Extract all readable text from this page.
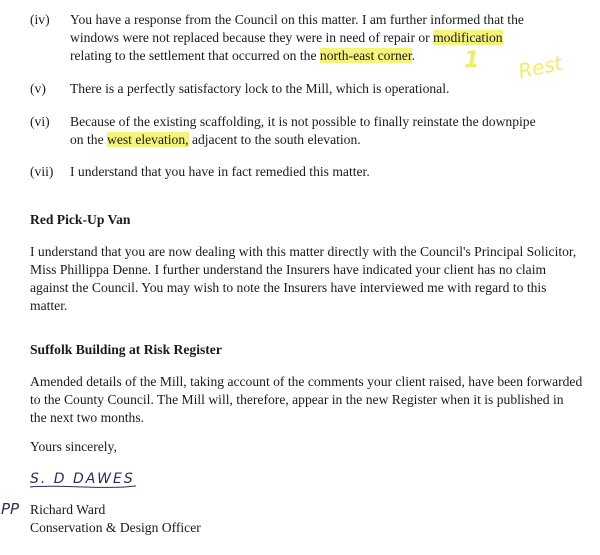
(iv) You have a response from the Council on this matter. I am further informed that the
windows were not replaced because they were in need of repair or modification
relating to the settlement that occurred on the north-east corner.
(v) There is a perfectly satisfactory lock to the Mill, which is operational.
(vi) Because of the existing scaffolding, it is not possible to finally reinstate the downpipe
on the west elevation, adjacent to the south elevation.
(vii) I understand that you have in fact remedied this matter.
Red Pick-Up Van
I understand that you are now dealing with this matter directly with the Council's Principal Solicitor,
Miss Phillippa Denne. I further understand the Insurers have indicated your client has no claim
against the Council. You may wish to note the Insurers have interviewed me with regard to this
matter.
Suffolk Building at Risk Register
Amended details of the Mill, taking account of the comments your client raised, have been forwarded
to the County Council. The Mill will, therefore, appear in the new Register when it is published in
the next two months.
Yours sincerely,
S. D DAWES
PP Richard Ward
Conservation & Design Officer
1 Rest
